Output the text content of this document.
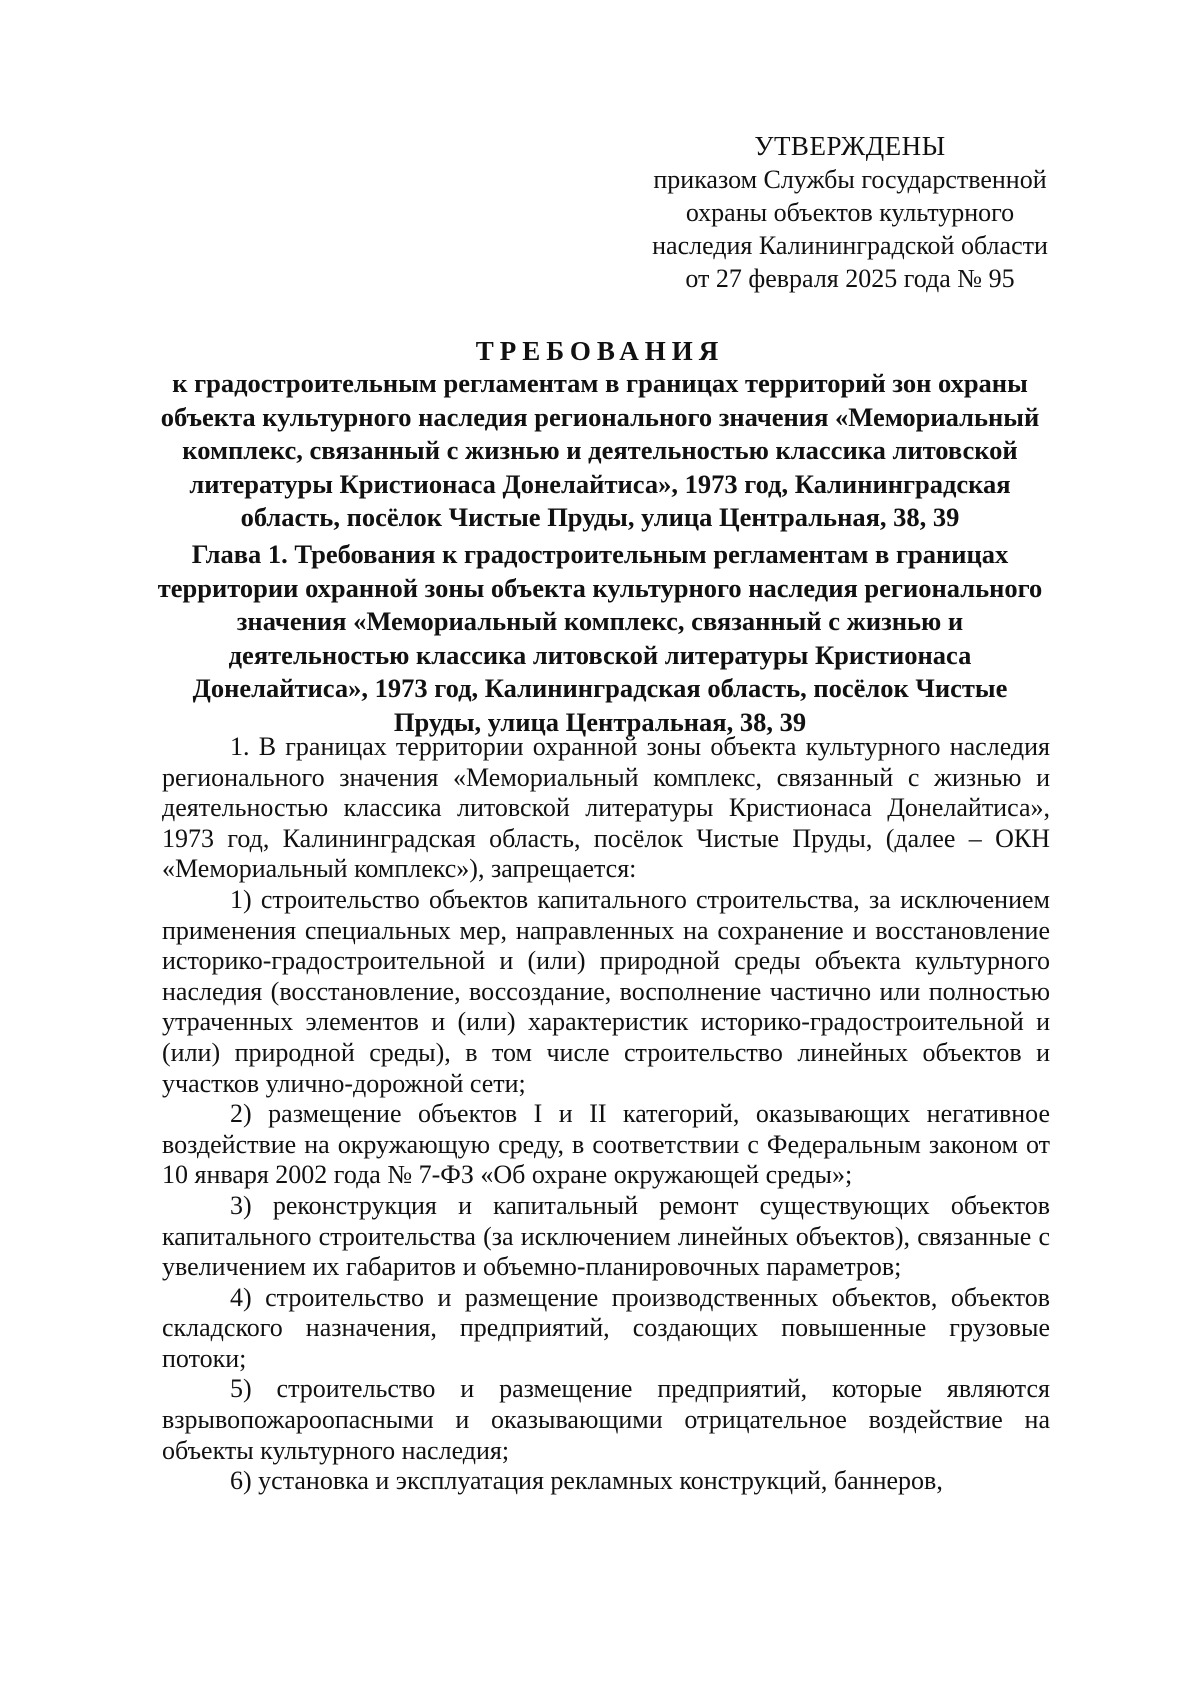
УТВЕРЖДЕНЫ
приказом Службы государственной
охраны объектов культурного
наследия Калининградской области
от 27 февраля 2025 года № 95
ТРЕБОВАНИЯ
к градостроительным регламентам в границах территорий зон охраны объекта культурного наследия регионального значения «Мемориальный комплекс, связанный с жизнью и деятельностью классика литовской литературы Кристионаса Донелайтиса», 1973 год, Калининградская область, посёлок Чистые Пруды, улица Центральная, 38, 39
Глава 1. Требования к градостроительным регламентам в границах территории охранной зоны объекта культурного наследия регионального значения «Мемориальный комплекс, связанный с жизнью и деятельностью классика литовской литературы Кристионаса Донелайтиса», 1973 год, Калининградская область, посёлок Чистые Пруды, улица Центральная, 38, 39

1. В границах территории охранной зоны объекта культурного наследия регионального значения «Мемориальный комплекс, связанный с жизнью и деятельностью классика литовской литературы Кристионаса Донелайтиса», 1973 год, Калининградская область, посёлок Чистые Пруды, (далее – ОКН «Мемориальный комплекс»), запрещается:

1) строительство объектов капитального строительства, за исключением применения специальных мер, направленных на сохранение и восстановление историко-градостроительной и (или) природной среды объекта культурного наследия (восстановление, воссоздание, восполнение частично или полностью утраченных элементов и (или) характеристик историко-градостроительной и (или) природной среды), в том числе строительство линейных объектов и участков улично-дорожной сети;

2) размещение объектов I и II категорий, оказывающих негативное воздействие на окружающую среду, в соответствии с Федеральным законом от 10 января 2002 года № 7-ФЗ «Об охране окружающей среды»;

3) реконструкция и капитальный ремонт существующих объектов капитального строительства (за исключением линейных объектов), связанные с увеличением их габаритов и объемно-планировочных параметров;

4) строительство и размещение производственных объектов, объектов складского назначения, предприятий, создающих повышенные грузовые потоки;

5) строительство и размещение предприятий, которые являются взрывопожароопасными и оказывающими отрицательное воздействие на объекты культурного наследия;

6) установка и эксплуатация рекламных конструкций, баннеров,
